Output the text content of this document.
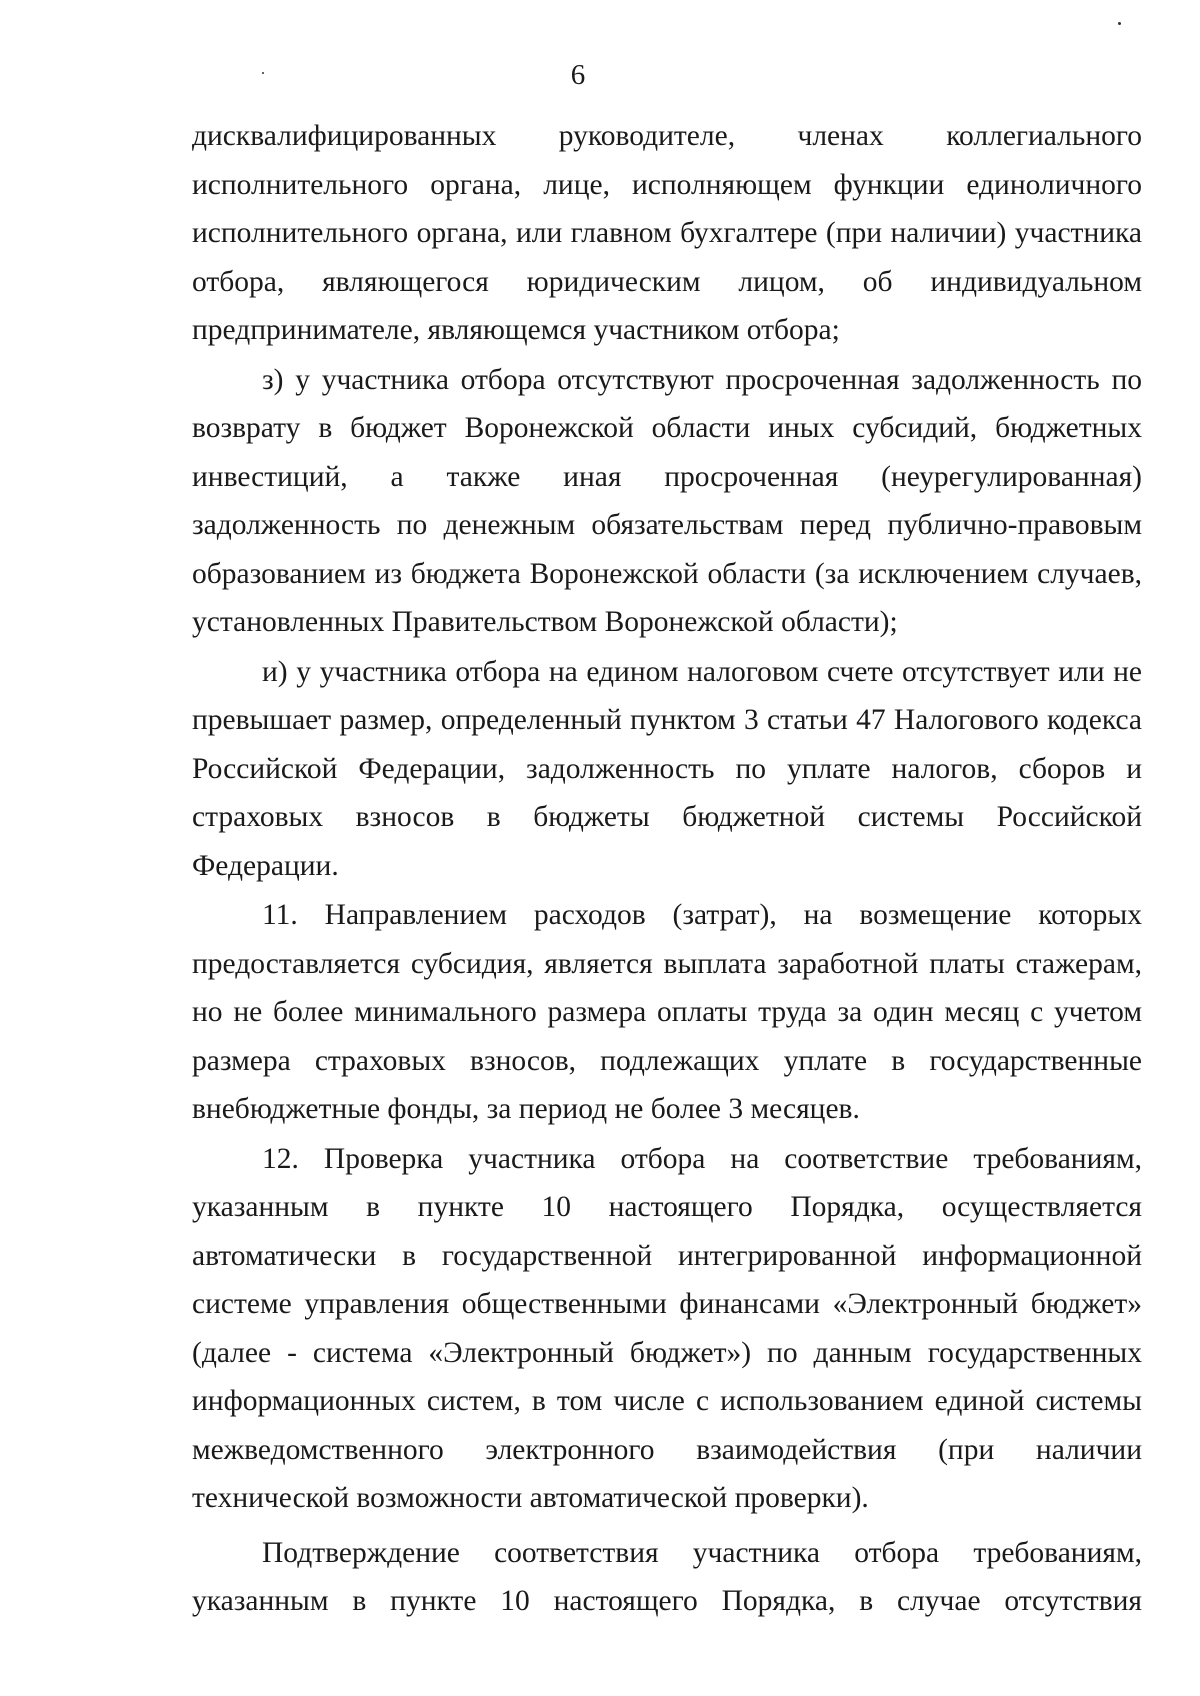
6

дисквалифицированных руководителе, членах коллегиального исполнительного органа, лице, исполняющем функции единоличного исполнительного органа, или главном бухгалтере (при наличии) участника отбора, являющегося юридическим лицом, об индивидуальном предпринимателе, являющемся участником отбора;

з) у участника отбора отсутствуют просроченная задолженность по возврату в бюджет Воронежской области иных субсидий, бюджетных инвестиций, а также иная просроченная (неурегулированная) задолженность по денежным обязательствам перед публично-правовым образованием из бюджета Воронежской области (за исключением случаев, установленных Правительством Воронежской области);

и) у участника отбора на едином налоговом счете отсутствует или не превышает размер, определенный пунктом 3 статьи 47 Налогового кодекса Российской Федерации, задолженность по уплате налогов, сборов и страховых взносов в бюджеты бюджетной системы Российской Федерации.

11. Направлением расходов (затрат), на возмещение которых предоставляется субсидия, является выплата заработной платы стажерам, но не более минимального размера оплаты труда за один месяц с учетом размера страховых взносов, подлежащих уплате в государственные внебюджетные фонды, за период не более 3 месяцев.

12. Проверка участника отбора на соответствие требованиям, указанным в пункте 10 настоящего Порядка, осуществляется автоматически в государственной интегрированной информационной системе управления общественными финансами «Электронный бюджет» (далее - система «Электронный бюджет») по данным государственных информационных систем, в том числе с использованием единой системы межведомственного электронного взаимодействия (при наличии технической возможности автоматической проверки).

Подтверждение соответствия участника отбора требованиям, указанным в пункте 10 настоящего Порядка, в случае отсутствия
